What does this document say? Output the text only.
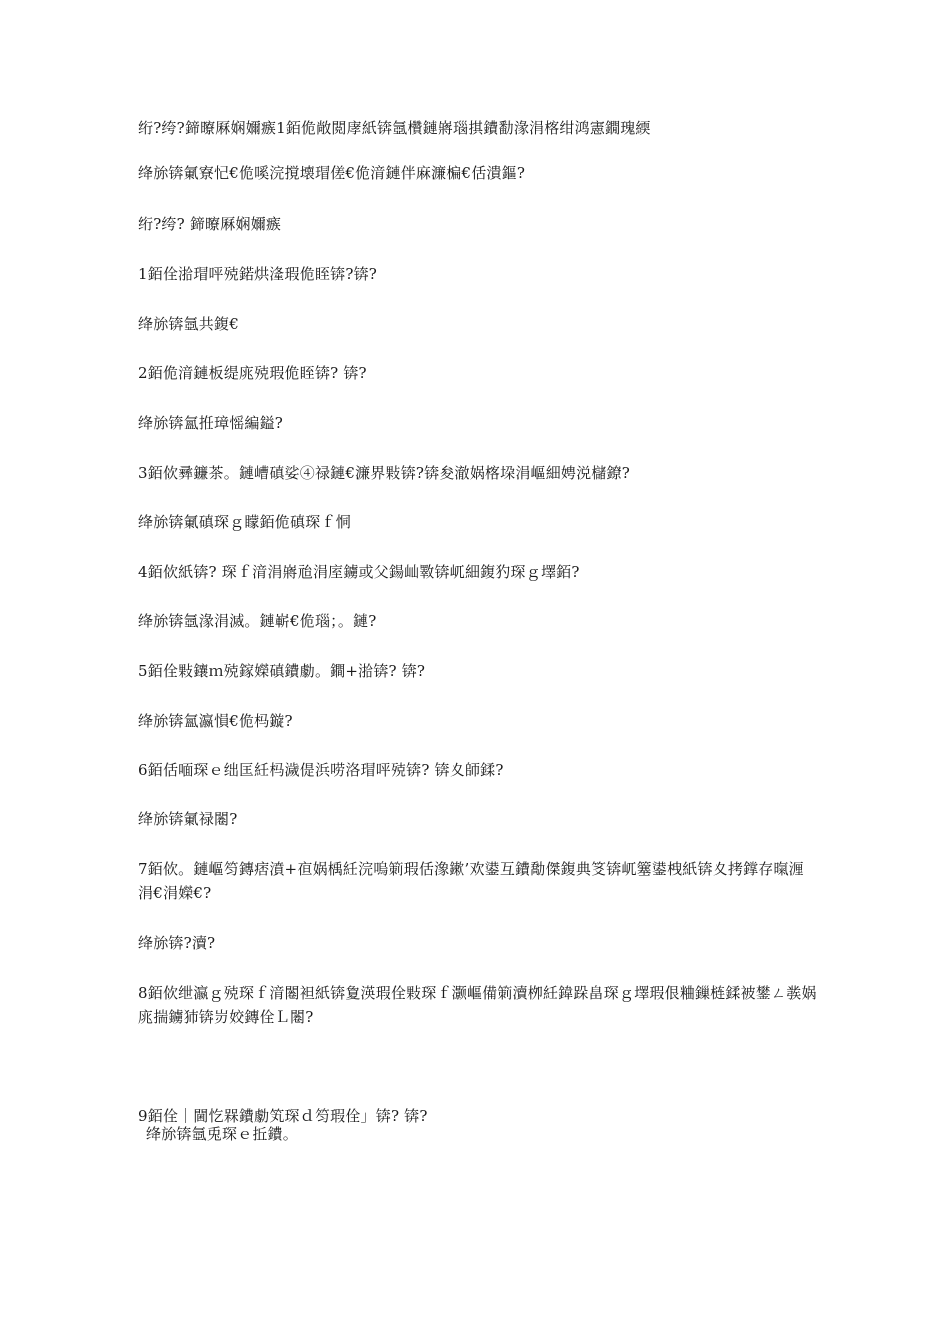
绗?绔?鍗曢厤娴嬭瘯1銆佹敞閲庨紙锛氬欑鏈嶈瑙掑鐨勫湪涓楁绀鸿憲鐗瑰緛
绛旀锛氭寮忋€佹嗘浣撹壊瑁傞€佹湇鏈伴麻濂楄€佸潰鏂?
绗?绔? 鍗曢厤娴嬭瘯
1銆佺湁瑁呯殑鍩烘湰瑕佹眰锛?锛?
绛旀锛氬共鍑€
2銆佹湇鏈板缇庣殑瑕佹眰锛? 锛?
绛旀锛氳拰璋愮編鎰?
3銆佽彞鐮茶。鏈嶆磌娑④禄鏈€濂界敤锛?锛夋澈娲楁垜涓嶇細娉涚櫧鐐?
绛旀锛氭磌琛ｇ矇銆佹磌琛ｆ恫
4銆佽紙锛? 琛ｆ湇涓嶈兘涓庢鐪或父鍚屾斁锛屼細鍑犳琛ｇ墿銆?
绛旀锛氬湪涓滅。鏈嶄€佹瑙；。鏈?
5銆佺敤鑲ｍ殑鎵嬫磌鐨勮。鐧+湁锛? 锛?
绛旀锛氳瀛愪€佹杩鏇?
6銆佸喕琛ｅ绌匡紝杩濊偍浜唠洛瑁呯殑锛? 锛夊師鍒?
绛旀锛氭禄闂?
7銆佽。鏈嶇笉鏄痞濆+亱娲楀紝浣嗚箣瑕佸潒鏉’欢鍙互鐨勪傑鍑典笅锛屼簺鍙栧紙锛夊拷鐣存暣湹涓€涓嬫€?
绛旀锛?瀆?
8銆佽绁瀛ｇ殑琛ｆ湇闂袒紙锛夐渶瑕佺敤琛ｆ灏嶇備箣瀆栁紝鍏跺畠琛ｇ墿瑕佷粬鏁梿鍒被鐢ㄥ彂娲庣揣鐪犻锛岃姣鏄佺Ｌ闂?
9銆佺｜閫忔槑鐨勮笂琛ｄ笉瑕佺」锛? 锛?
绛旀锛氬兎琛ｅ拞鐨。
